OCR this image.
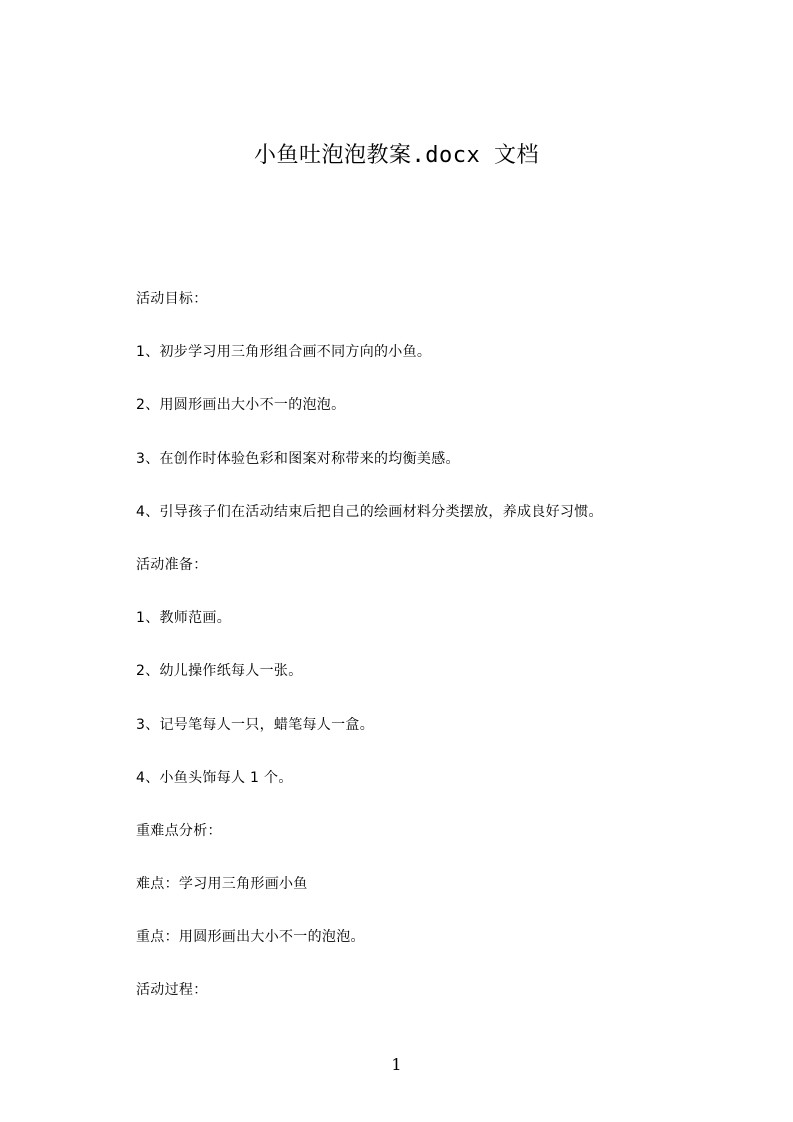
小鱼吐泡泡教案.docx 文档

活动目标：

1、初步学习用三角形组合画不同方向的小鱼。

2、用圆形画出大小不一的泡泡。

3、在创作时体验色彩和图案对称带来的均衡美感。

4、引导孩子们在活动结束后把自己的绘画材料分类摆放，养成良好习惯。

活动准备：

1、教师范画。

2、幼儿操作纸每人一张。

3、记号笔每人一只，蜡笔每人一盒。

4、小鱼头饰每人 1 个。

重难点分析：

难点：学习用三角形画小鱼

重点：用圆形画出大小不一的泡泡。

活动过程：

1
